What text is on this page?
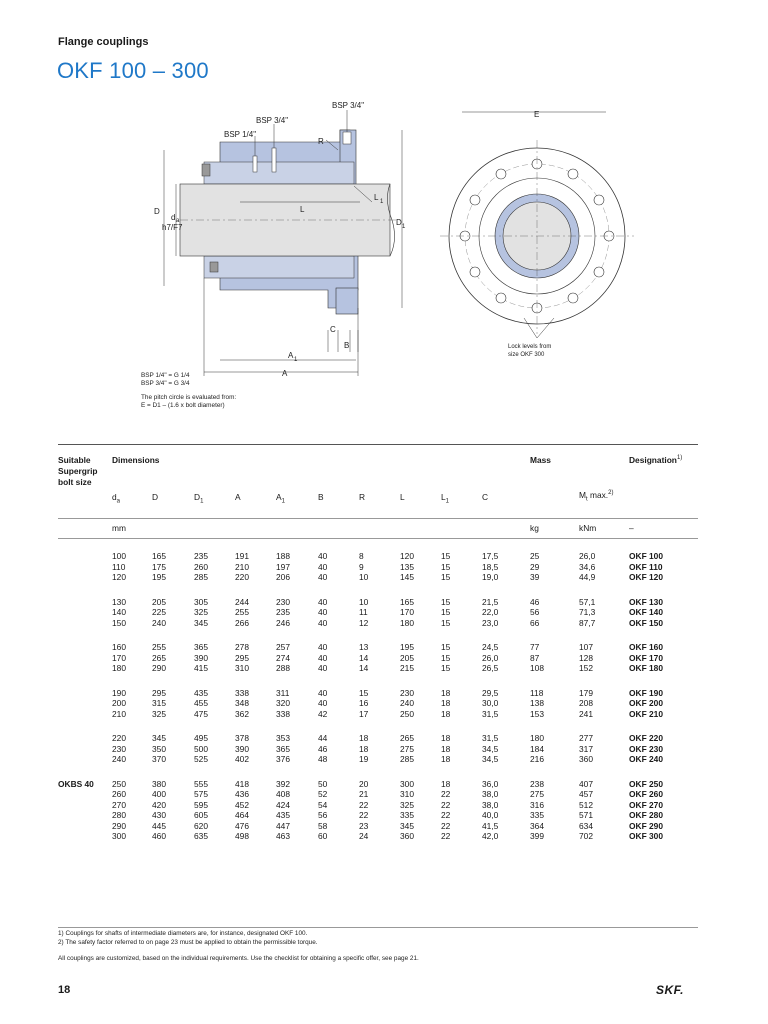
Flange couplings
OKF 100 – 300
BSP 3/4"
BSP 3/4"
BSP 1/4"
R
L 1
L
D
d a
h7/F7
D 1
C
B
A 1
A
E
Lock levels from
size OKF 300
BSP 1/4" = G 1/4
BSP 3/4" = G 3/4
The pitch circle is evaluated from:
E = D1 – (1.6 x bolt diameter)
Suitable
Supergrip
bolt size
Dimensions	Mass	Designation$^{1)}$
$d_a$	D	$D_1$	A	$A_1$	B	R	L	$L_1$	C	$M_t$ max.$^{2)}$
mm	kg	kNm	–
100	165	235	191	188	40	8	120	15	17,5	25	26,0	OKF 100
110	175	260	210	197	40	9	135	15	18,5	29	34,6	OKF 110
120	195	285	220	206	40	10	145	15	19,0	39	44,9	OKF 120
130	205	305	244	230	40	10	165	15	21,5	46	57,1	OKF 130
140	225	325	255	235	40	11	170	15	22,0	56	71,3	OKF 140
150	240	345	266	246	40	12	180	15	23,0	66	87,7	OKF 150
160	255	365	278	257	40	13	195	15	24,5	77	107	OKF 160
170	265	390	295	274	40	14	205	15	26,0	87	128	OKF 170
180	290	415	310	288	40	14	215	15	26,5	108	152	OKF 180
190	295	435	338	311	40	15	230	18	29,5	118	179	OKF 190
200	315	455	348	320	40	16	240	18	30,0	138	208	OKF 200
210	325	475	362	338	42	17	250	18	31,5	153	241	OKF 210
220	345	495	378	353	44	18	265	18	31,5	180	277	OKF 220
230	350	500	390	365	46	18	275	18	34,5	184	317	OKF 230
240	370	525	402	376	48	19	285	18	34,5	216	360	OKF 240
OKBS 40 250	380	555	418	392	50	20	300	18	36,0	238	407	OKF 250
260	400	575	436	408	52	21	310	22	38,0	275	457	OKF 260
270	420	595	452	424	54	22	325	22	38,0	316	512	OKF 270
280	430	605	464	435	56	22	335	22	40,0	335	571	OKF 280
290	445	620	476	447	58	23	345	22	41,5	364	634	OKF 290
300	460	635	498	463	60	24	360	22	42,0	399	702	OKF 300
1) Couplings for shafts of intermediate diameters are, for instance, designated OKF 100.
2) The safety factor referred to on page 23 must be applied to obtain the permissible torque.
All couplings are customized, based on the individual requirements. Use the checklist for obtaining a specific offer, see page 21.
18	SKF.
